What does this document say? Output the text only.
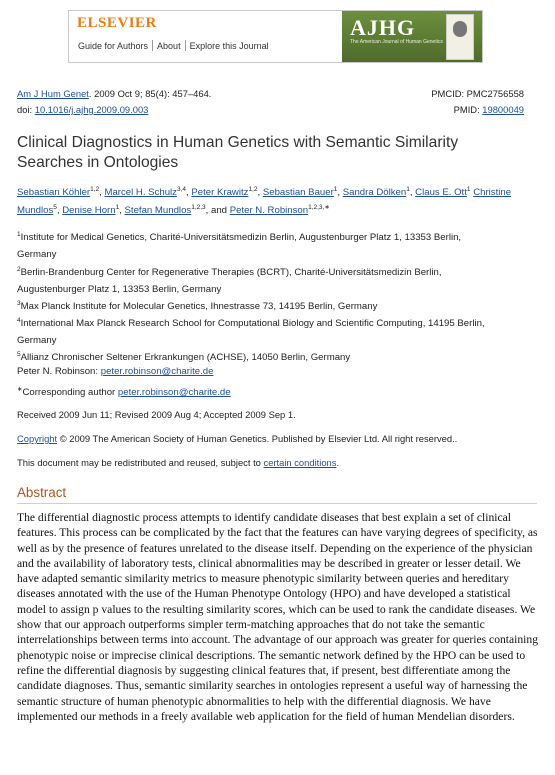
ELSEVIER
Guide for Authors	About	Explore this Journal
AJHG
The American Journal of Human Genetics
Am J Hum Genet. 2009 Oct 9; 85(4): 457–464.
doi: 10.1016/j.ajhg.2009.09.003
PMCID: PMC2756558
PMID: 19800049
Clinical Diagnostics in Human Genetics with Semantic Similarity Searches in Ontologies
Sebastian Köhler$^{1,2}$, Marcel H. Schulz$^{3,4}$, Peter Krawitz$^{1,2}$, Sebastian Bauer$^1$, Sandra Dölken$^1$, Claus E. Ott$^1$ Christine Mundlos$^5$, Denise Horn$^1$, Stefan Mundlos$^{1,2,3}$, and Peter N. Robinson$^{1,2,3,∗}$
$^1$Institute for Medical Genetics, Charité-Universitätsmedizin Berlin, Augustenburger Platz 1, 13353 Berlin,
Germany
$^2$Berlin-Brandenburg Center for Regenerative Therapies (BCRT), Charité-Universitätsmedizin Berlin,
Augustenburger Platz 1, 13353 Berlin, Germany
$^3$Max Planck Institute for Molecular Genetics, Ihnestrasse 73, 14195 Berlin, Germany
$^4$International Max Planck Research School for Computational Biology and Scientific Computing, 14195 Berlin,
Germany
$^5$Allianz Chronischer Seltener Erkrankungen (ACHSE), 14050 Berlin, Germany
Peter N. Robinson: peter.robinson@charite.de
∗Corresponding author peter.robinson@charite.de
Received 2009 Jun 11; Revised 2009 Aug 4; Accepted 2009 Sep 1.
Copyright © 2009 The American Society of Human Genetics. Published by Elsevier Ltd. All right reserved..
This document may be redistributed and reused, subject to certain conditions.
Abstract
The differential diagnostic process attempts to identify candidate diseases that best explain a set of clinical features. This process can be complicated by the fact that the features can have varying degrees of specificity, as well as by the presence of features unrelated to the disease itself. Depending on the experience of the physician and the availability of laboratory tests, clinical abnormalities may be described in greater or lesser detail. We have adapted semantic similarity metrics to measure phenotypic similarity between queries and hereditary diseases annotated with the use of the Human Phenotype Ontology (HPO) and have developed a statistical model to assign p values to the resulting similarity scores, which can be used to rank the candidate diseases. We show that our approach outperforms simpler term-matching approaches that do not take the semantic interrelationships between terms into account. The advantage of our approach was greater for queries containing phenotypic noise or imprecise clinical descriptions. The semantic network defined by the HPO can be used to refine the differential diagnosis by suggesting clinical features that, if present, best differentiate among the candidate diagnoses. Thus, semantic similarity searches in ontologies represent a useful way of harnessing the semantic structure of human phenotypic abnormalities to help with the differential diagnosis. We have implemented our methods in a freely available web application for the field of human Mendelian disorders.
